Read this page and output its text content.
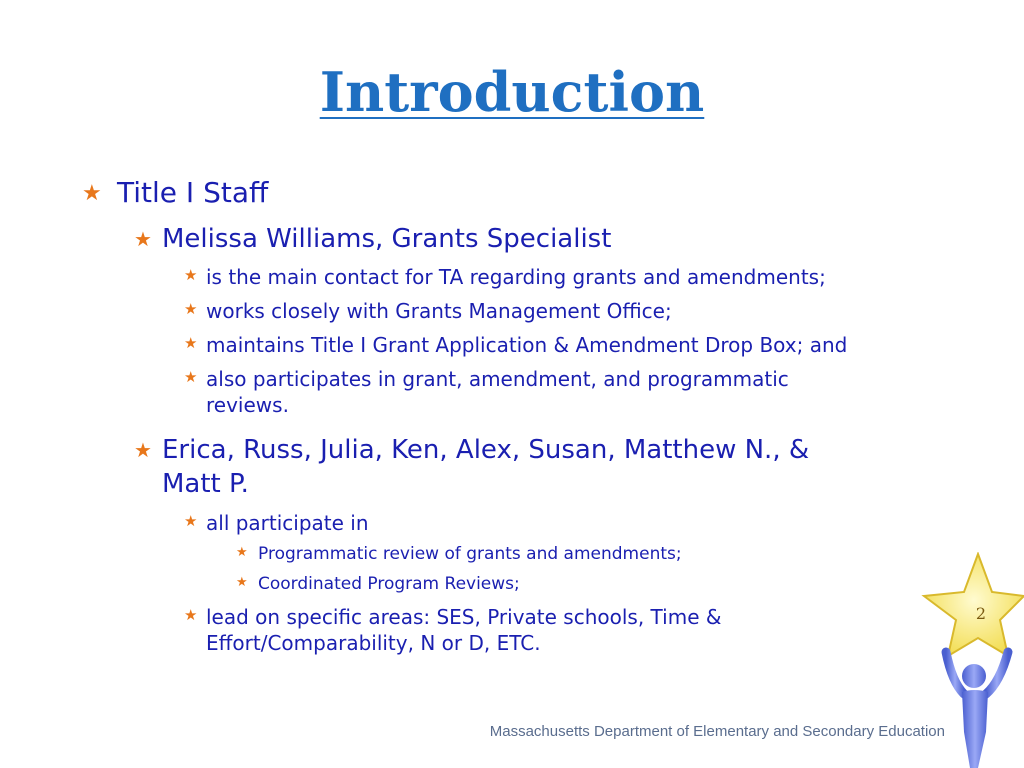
Introduction
★ Title I Staff
★ Melissa Williams, Grants Specialist
★ is the main contact for TA regarding grants and amendments;
★ works closely with Grants Management Office;
★ maintains Title I Grant Application & Amendment Drop Box; and
★ also participates in grant, amendment, and programmatic
reviews.
★ Erica, Russ, Julia, Ken, Alex, Susan, Matthew N., &
Matt P.
★ all participate in
★ Programmatic review of grants and amendments;
★ Coordinated Program Reviews;
★ lead on specific areas: SES, Private schools, Time &
Effort/Comparability, N or D, ETC.
2
Massachusetts Department of Elementary and Secondary Education
